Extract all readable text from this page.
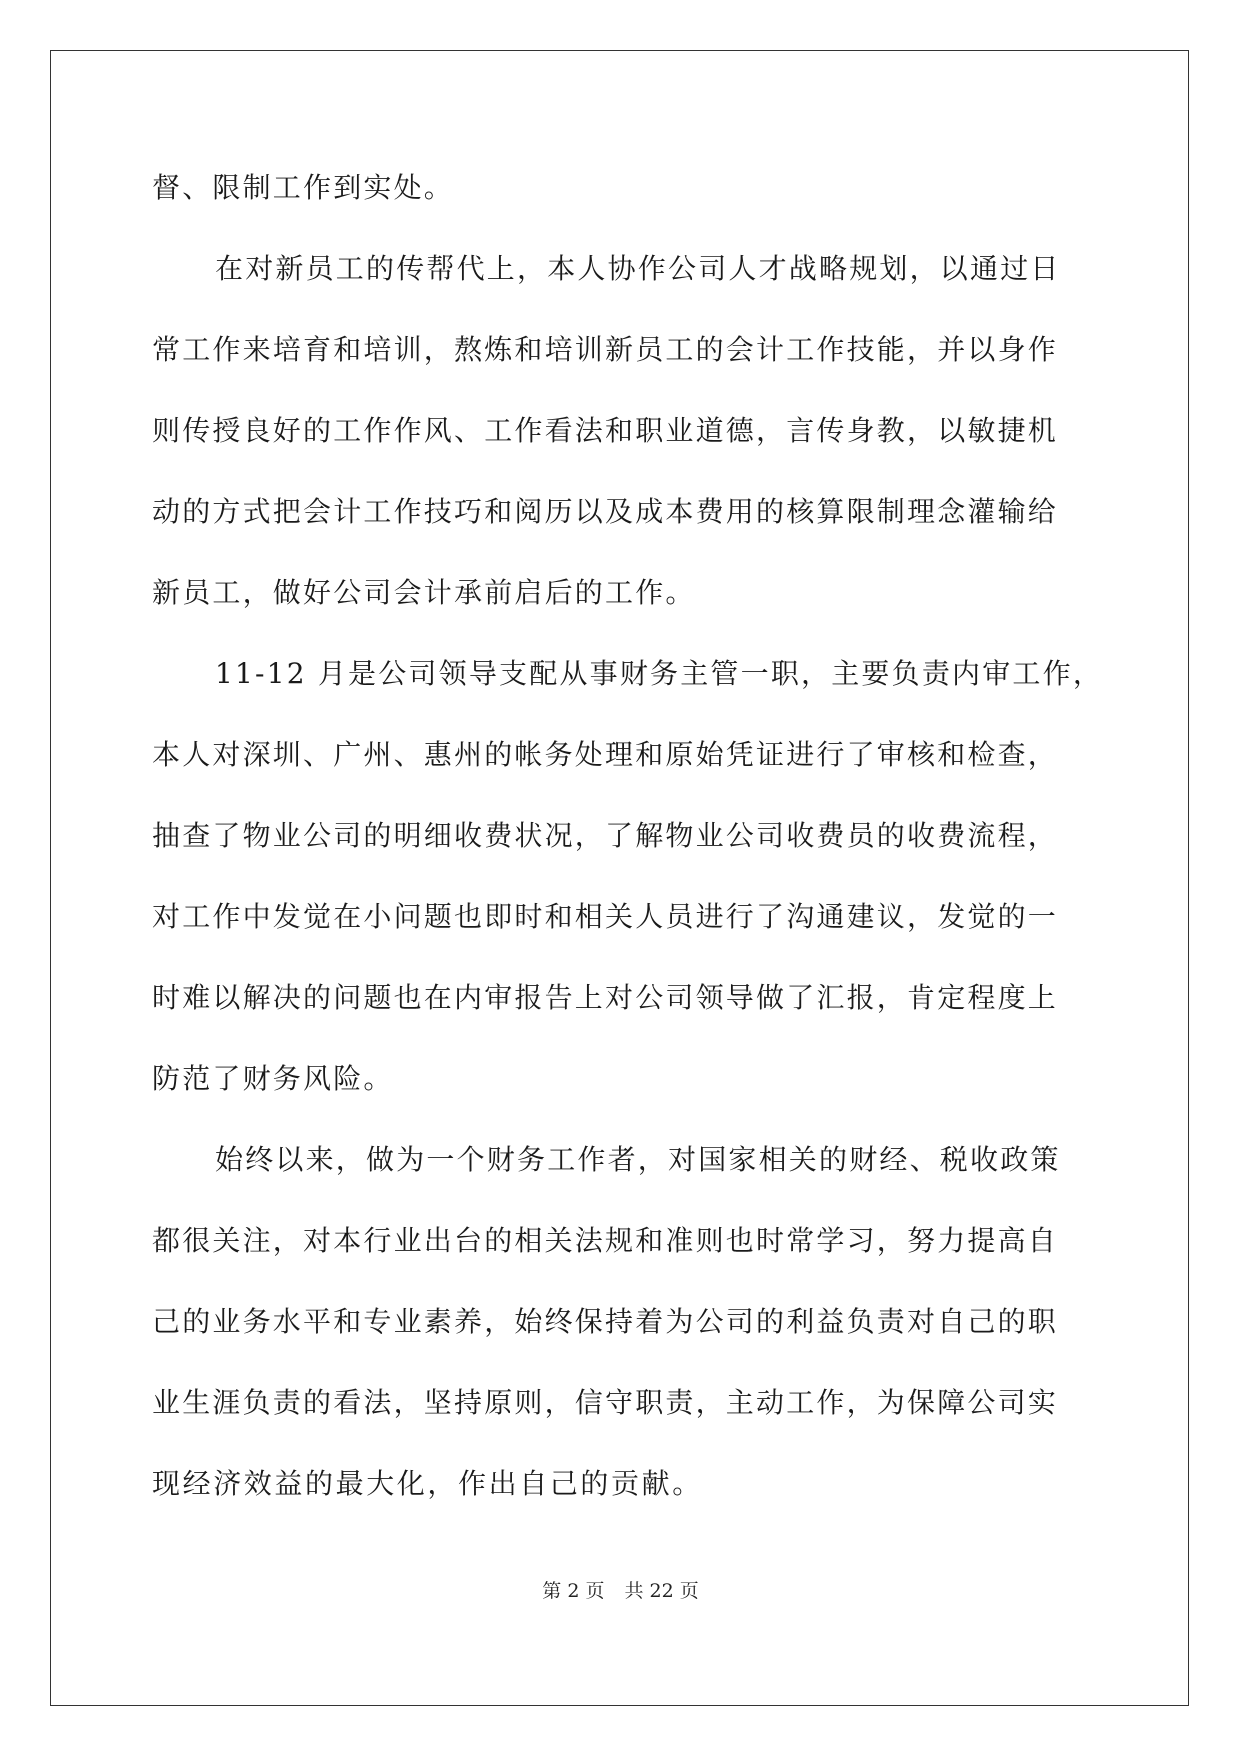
督、限制工作到实处。
在对新员工的传帮代上，本人协作公司人才战略规划，以通过日
常工作来培育和培训，熬炼和培训新员工的会计工作技能，并以身作
则传授良好的工作作风、工作看法和职业道德，言传身教，以敏捷机
动的方式把会计工作技巧和阅历以及成本费用的核算限制理念灌输给
新员工，做好公司会计承前启后的工作。
11-12 月是公司领导支配从事财务主管一职，主要负责内审工作，
本人对深圳、广州、惠州的帐务处理和原始凭证进行了审核和检查，
抽查了物业公司的明细收费状况，了解物业公司收费员的收费流程，
对工作中发觉在小问题也即时和相关人员进行了沟通建议，发觉的一
时难以解决的问题也在内审报告上对公司领导做了汇报，肯定程度上
防范了财务风险。
始终以来，做为一个财务工作者，对国家相关的财经、税收政策
都很关注，对本行业出台的相关法规和准则也时常学习，努力提高自
己的业务水平和专业素养，始终保持着为公司的利益负责对自己的职
业生涯负责的看法，坚持原则，信守职责，主动工作，为保障公司实
现经济效益的最大化，作出自己的贡献。
第 2 页 共 22 页
